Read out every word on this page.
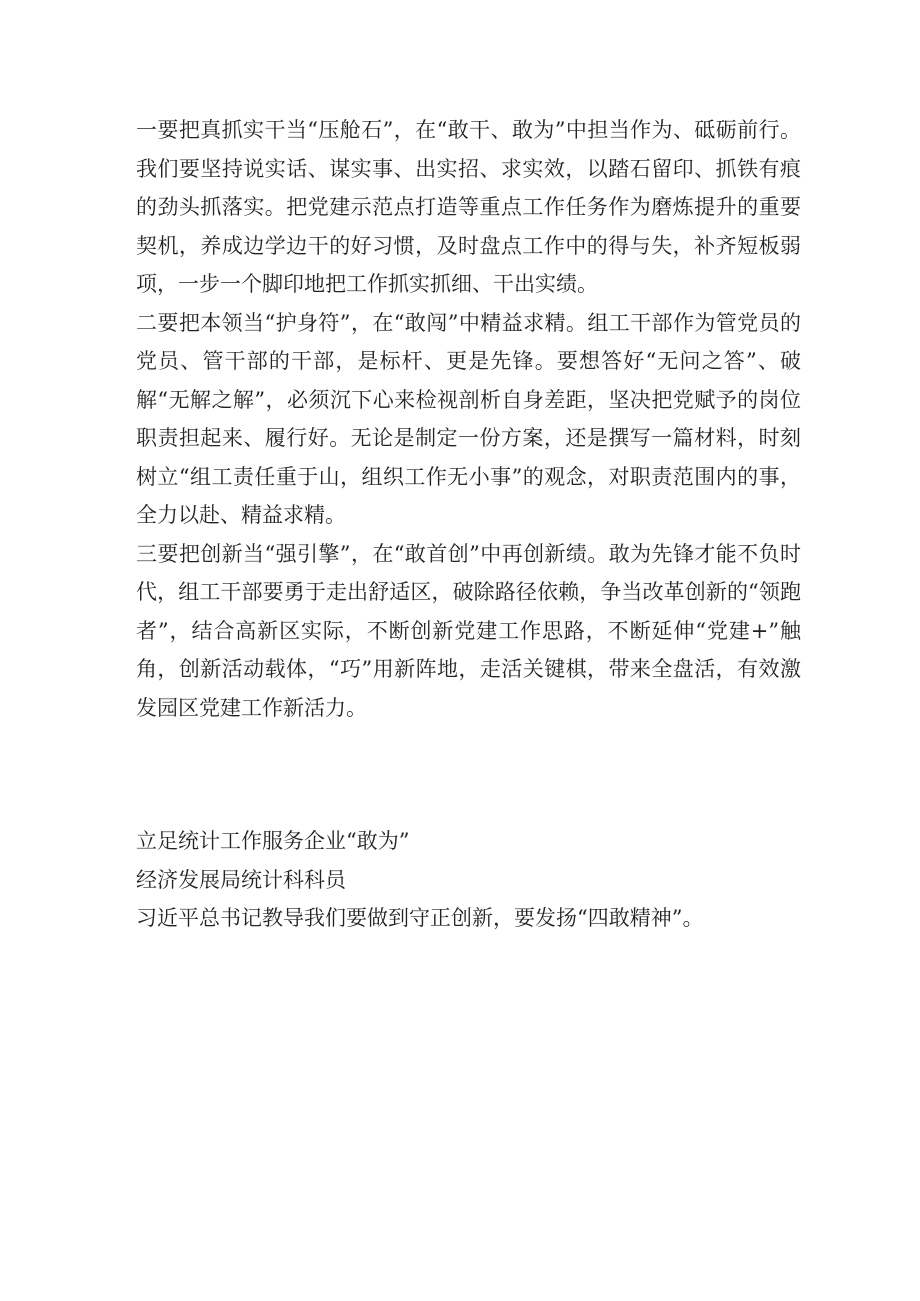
一要把真抓实干当“压舱石”，在“敢干、敢为”中担当作为、砥砺前行。我们要坚持说实话、谋实事、出实招、求实效，以踏石留印、抓铁有痕的劲头抓落实。把党建示范点打造等重点工作任务作为磨炼提升的重要契机，养成边学边干的好习惯，及时盘点工作中的得与失，补齐短板弱项，一步一个脚印地把工作抓实抓细、干出实绩。

二要把本领当“护身符”，在“敢闯”中精益求精。组工干部作为管党员的党员、管干部的干部，是标杆、更是先锋。要想答好“无问之答”、破解“无解之解”，必须沉下心来检视剖析自身差距，坚决把党赋予的岗位职责担起来、履行好。无论是制定一份方案，还是撰写一篇材料，时刻树立“组工责任重于山，组织工作无小事”的观念，对职责范围内的事，全力以赴、精益求精。

三要把创新当“强引擎”，在“敢首创”中再创新绩。敢为先锋才能不负时代，组工干部要勇于走出舒适区，破除路径依赖，争当改革创新的“领跑者”，结合高新区实际，不断创新党建工作思路，不断延伸“党建+”触角，创新活动载体，“巧”用新阵地，走活关键棋，带来全盘活，有效激发园区党建工作新活力。

立足统计工作服务企业“敢为”

经济发展局统计科科员

习近平总书记教导我们要做到守正创新，要发扬“四敢精神”。
